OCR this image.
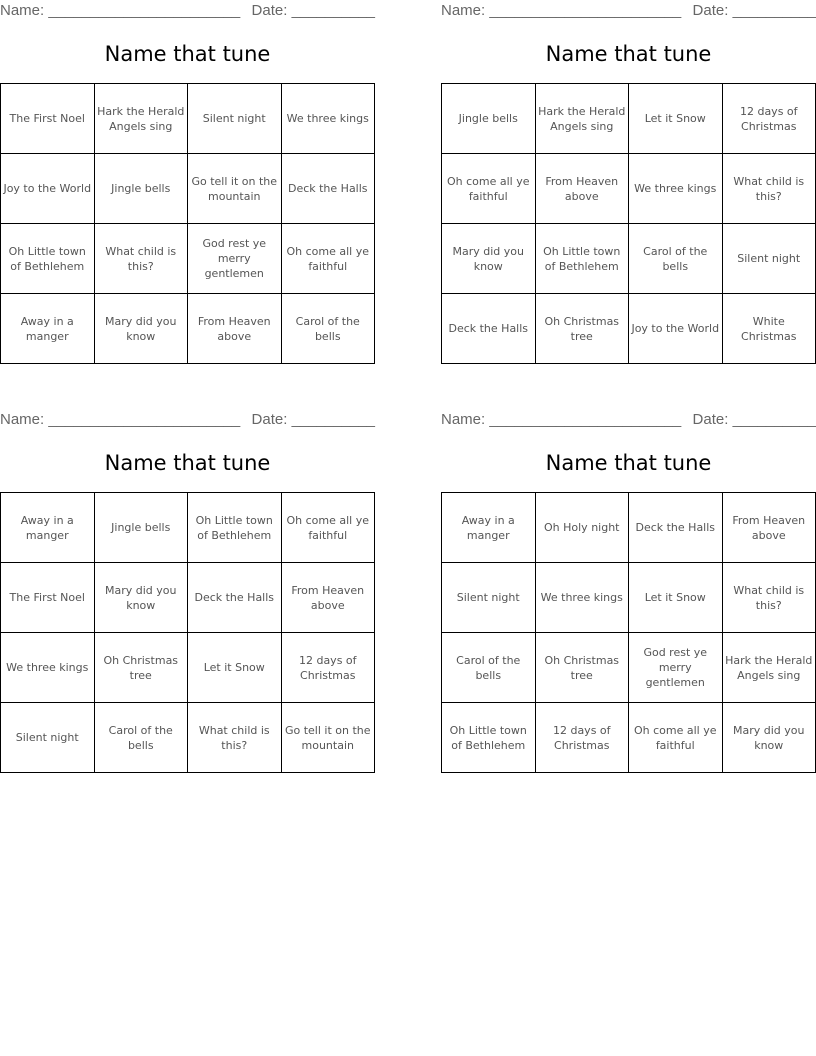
Name: _______________________ Date: __________
Name that tune
The First Noel	Hark the Herald Angels sing	Silent night	We three kings
Joy to the World	Jingle bells	Go tell it on the mountain	Deck the Halls
Oh Little town of Bethlehem	What child is this?	God rest ye merry gentlemen	Oh come all ye faithful
Away in a manger	Mary did you know	From Heaven above	Carol of the bells
Name: _______________________ Date: __________
Name that tune
Jingle bells	Hark the Herald Angels sing	Let it Snow	12 days of Christmas
Oh come all ye faithful	From Heaven above	We three kings	What child is this?
Mary did you know	Oh Little town of Bethlehem	Carol of the bells	Silent night
Deck the Halls	Oh Christmas tree	Joy to the World	White Christmas
Name: _______________________ Date: __________
Name that tune
Away in a manger	Jingle bells	Oh Little town of Bethlehem	Oh come all ye faithful
The First Noel	Mary did you know	Deck the Halls	From Heaven above
We three kings	Oh Christmas tree	Let it Snow	12 days of Christmas
Silent night	Carol of the bells	What child is this?	Go tell it on the mountain
Name: _______________________ Date: __________
Name that tune
Away in a manger	Oh Holy night	Deck the Halls	From Heaven above
Silent night	We three kings	Let it Snow	What child is this?
Carol of the bells	Oh Christmas tree	God rest ye merry gentlemen	Hark the Herald Angels sing
Oh Little town of Bethlehem	12 days of Christmas	Oh come all ye faithful	Mary did you know
